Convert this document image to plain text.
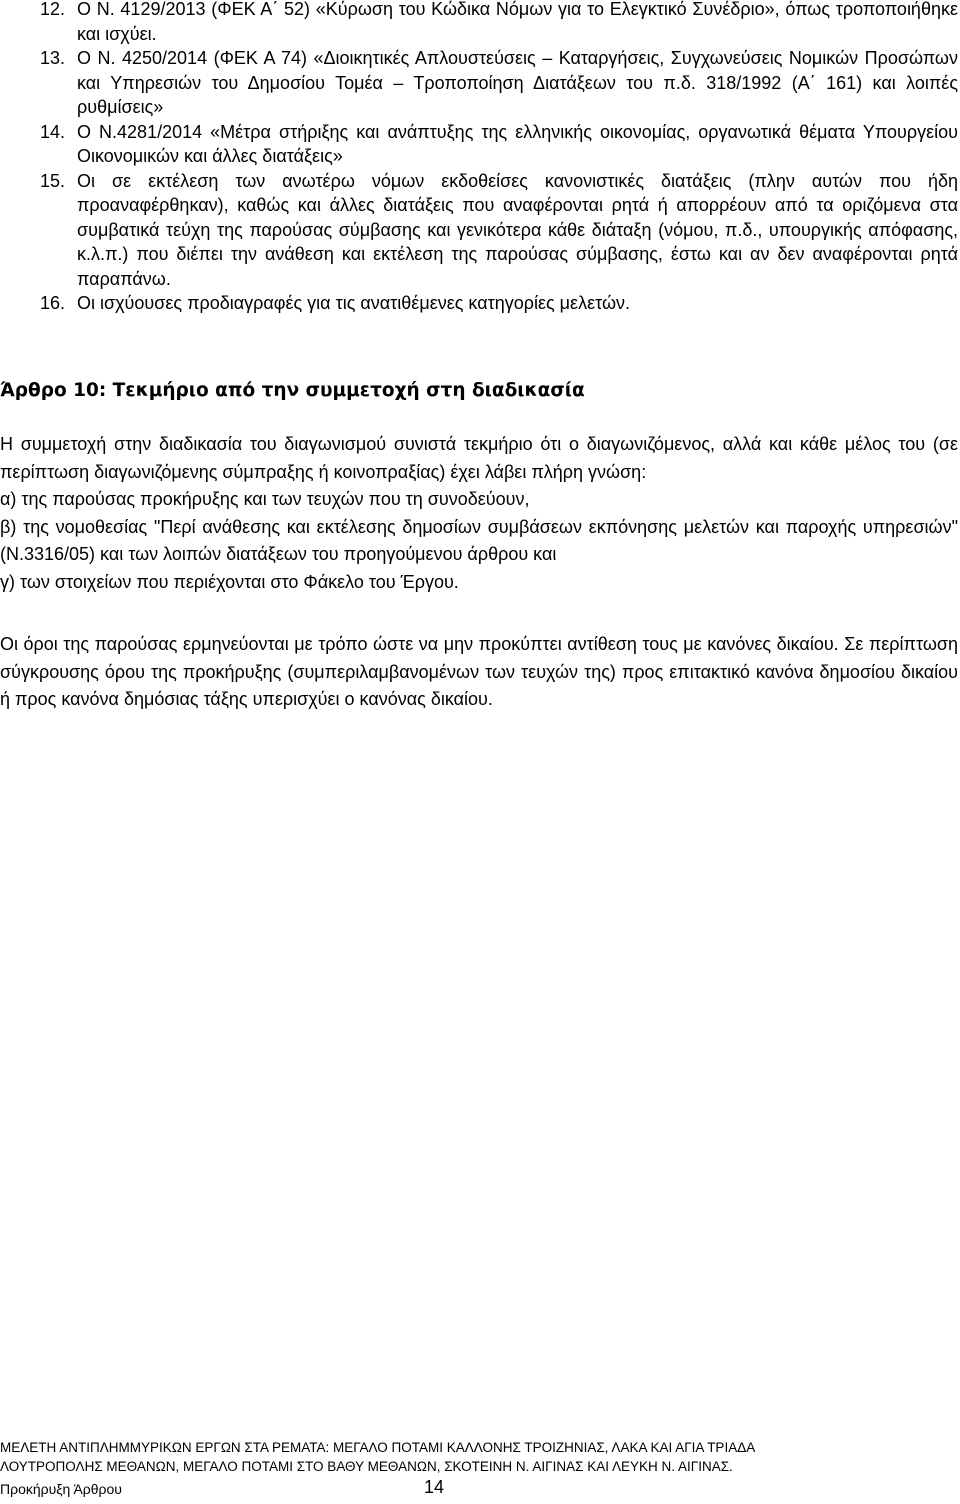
12. Ο Ν. 4129/2013 (ΦΕΚ Α΄ 52) «Κύρωση του Κώδικα Νόμων για το Ελεγκτικό Συνέδριο», όπως τροποποιήθηκε και ισχύει.
13. Ο Ν. 4250/2014 (ΦΕΚ Α 74) «Διοικητικές Απλουστεύσεις – Καταργήσεις, Συγχωνεύσεις Νομικών Προσώπων και Υπηρεσιών του Δημοσίου Τομέα – Τροποποίηση Διατάξεων του π.δ. 318/1992 (Α΄ 161) και λοιπές ρυθμίσεις»
14. Ο Ν.4281/2014 «Μέτρα στήριξης και ανάπτυξης της ελληνικής οικονομίας, οργανωτικά θέματα Υπουργείου Οικονομικών και άλλες διατάξεις»
15. Οι σε εκτέλεση των ανωτέρω νόμων εκδοθείσες κανονιστικές διατάξεις (πλην αυτών που ήδη προαναφέρθηκαν), καθώς και άλλες διατάξεις που αναφέρονται ρητά ή απορρέουν από τα οριζόμενα στα συμβατικά τεύχη της παρούσας σύμβασης και γενικότερα κάθε διάταξη (νόμου, π.δ., υπουργικής απόφασης, κ.λ.π.) που διέπει την ανάθεση και εκτέλεση της παρούσας σύμβασης, έστω και αν δεν αναφέρονται ρητά παραπάνω.
16. Οι ισχύουσες προδιαγραφές για τις ανατιθέμενες κατηγορίες μελετών.
Άρθρο 10: Τεκμήριο από την συμμετοχή στη διαδικασία
Η συμμετοχή στην διαδικασία του διαγωνισμού συνιστά τεκμήριο ότι ο διαγωνιζόμενος, αλλά και κάθε μέλος του (σε περίπτωση διαγωνιζόμενης σύμπραξης ή κοινοπραξίας) έχει λάβει πλήρη γνώση:
α) της παρούσας προκήρυξης και των τευχών που τη συνοδεύουν,
β) της νομοθεσίας "Περί ανάθεσης και εκτέλεσης δημοσίων συμβάσεων εκπόνησης μελετών και παροχής υπηρεσιών" (Ν.3316/05) και των λοιπών διατάξεων του προηγούμενου άρθρου και
γ) των στοιχείων που περιέχονται στο Φάκελο του Έργου.
Οι όροι της παρούσας ερμηνεύονται με τρόπο ώστε να μην προκύπτει αντίθεση τους με κανόνες δικαίου. Σε περίπτωση σύγκρουσης όρου της προκήρυξης (συμπεριλαμβανομένων των τευχών της) προς επιτακτικό κανόνα δημοσίου δικαίου ή προς κανόνα δημόσιας τάξης υπερισχύει ο κανόνας δικαίου.
ΜΕΛΕΤΗ ΑΝΤΙΠΛΗΜΜΥΡΙΚΩΝ ΕΡΓΩΝ ΣΤΑ ΡΕΜΑΤΑ: ΜΕΓΑΛΟ ΠΟΤΑΜΙ ΚΑΛΛΟΝΗΣ ΤΡΟΙΖΗΝΙΑΣ, ΛΑΚΑ ΚΑΙ ΑΓΙΑ ΤΡΙΑΔΑ
ΛΟΥΤΡΟΠΟΛΗΣ ΜΕΘΑΝΩΝ, ΜΕΓΑΛΟ ΠΟΤΑΜΙ ΣΤΟ ΒΑΘΥ ΜΕΘΑΝΩΝ, ΣΚΟΤΕΙΝΗ Ν. ΑΙΓΙΝΑΣ ΚΑΙ ΛΕΥΚΗ Ν. ΑΙΓΙΝΑΣ.
Προκήρυξη Άρθρου	14
